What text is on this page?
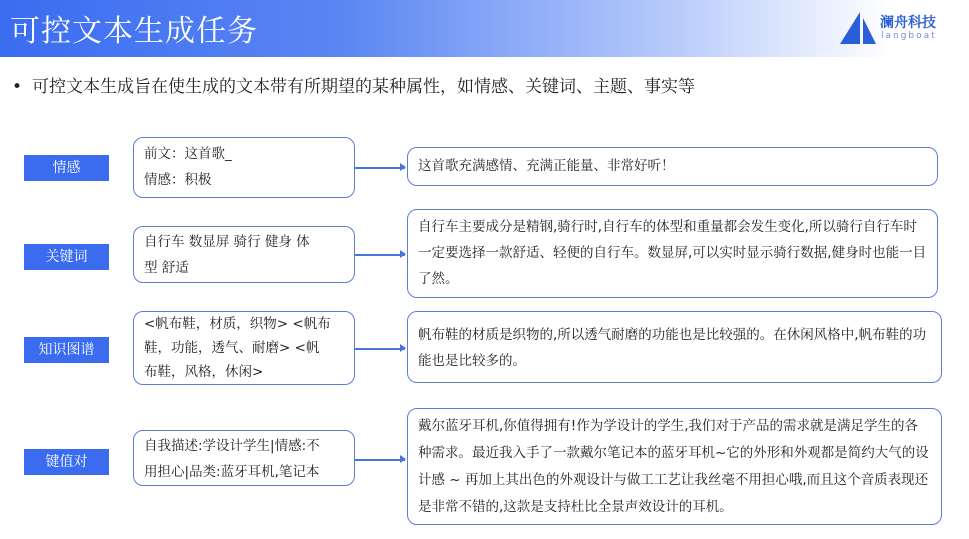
可控文本生成任务	澜舟科技
langboat
• 可控文本生成旨在使生成的文本带有所期望的某种属性，如情感、关键词、主题、事实等
情感
前文：这首歌_
情感：积极
这首歌充满感情、充满正能量、非常好听！
关键词
自行车 数显屏 骑行 健身 体
型 舒适
自行车主要成分是精钢,骑行时,自行车的体型和重量都会发生变化,所以骑行自行车时一定要选择一款舒适、轻便的自行车。数显屏,可以实时显示骑行数据,健身时也能一目了然。
知识图谱
<帆布鞋，材质，织物> <帆布
鞋，功能，透气、耐磨> <帆
布鞋，风格，休闲>
帆布鞋的材质是织物的,所以透气耐磨的功能也是比较强的。在休闲风格中,帆布鞋的功能也是比较多的。
键值对
自我描述:学设计学生|情感:不
用担心|品类:蓝牙耳机,笔记本
戴尔蓝牙耳机,你值得拥有!作为学设计的学生,我们对于产品的需求就是满足学生的各种需求。最近我入手了一款戴尔笔记本的蓝牙耳机~它的外形和外观都是简约大气的设计感 ~ 再加上其出色的外观设计与做工工艺让我丝毫不用担心哦,而且这个音质表现还是非常不错的,这款是支持杜比全景声效设计的耳机。
